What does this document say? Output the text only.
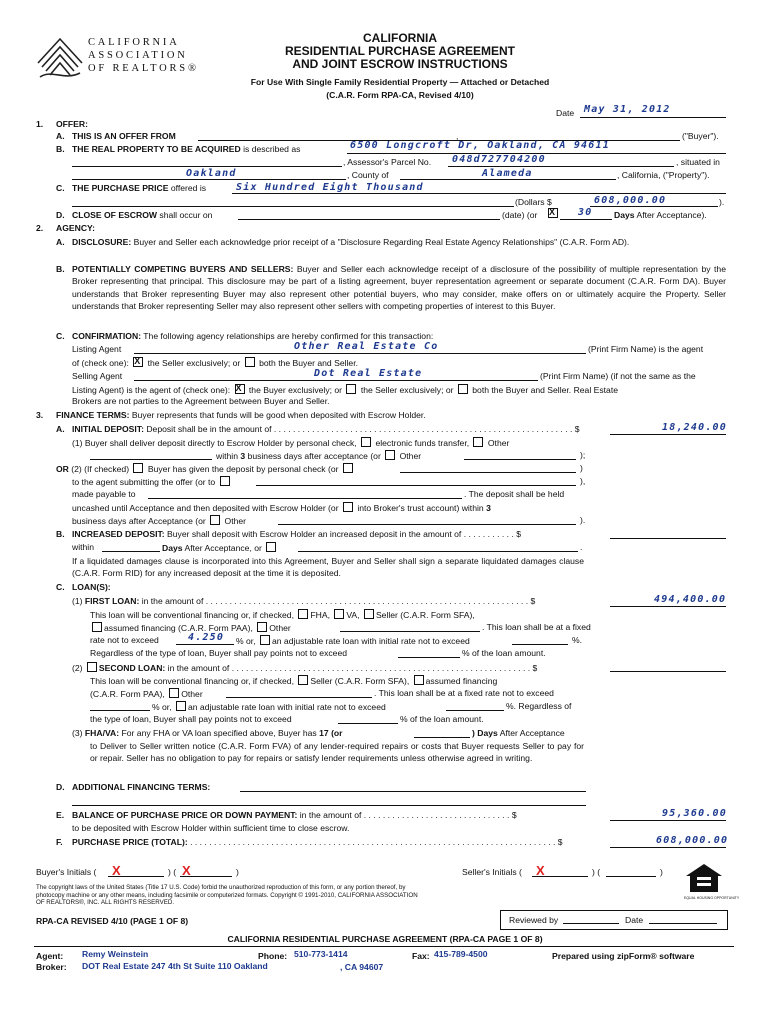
CALIFORNIA
ASSOCIATION
OF REALTORS®
CALIFORNIA
RESIDENTIAL PURCHASE AGREEMENT
AND JOINT ESCROW INSTRUCTIONS
For Use With Single Family Residential Property — Attached or Detached
(C.A.R. Form RPA-CA, Revised 4/10)
Date May 31, 2012
1. OFFER:
A. THIS IS AN OFFER FROM	,	("Buyer").
B. THE REAL PROPERTY TO BE ACQUIRED is described as	6500 Longcroft Dr, Oakland, CA 94611
, Assessor's Parcel No. 048d727704200	, situated in
Oakland	, County of	Alameda	, California, ("Property").
C. THE PURCHASE PRICE offered is	Six Hundred Eight Thousand
(Dollars $	608,000.00	).
D. CLOSE OF ESCROW shall occur on	(date) (or X	30	Days After Acceptance).
2. AGENCY:
A. DISCLOSURE: Buyer and Seller each acknowledge prior receipt of a "Disclosure Regarding Real Estate Agency Relationships" (C.A.R. Form AD).
B. POTENTIALLY COMPETING BUYERS AND SELLERS: Buyer and Seller each acknowledge receipt of a disclosure of the possibility of multiple representation by the Broker representing that principal. This disclosure may be part of a listing agreement, buyer representation agreement or separate document (C.A.R. Form DA). Buyer understands that Broker representing Buyer may also represent other potential buyers, who may consider, make offers on or ultimately acquire the Property. Seller understands that Broker representing Seller may also represent other sellers with competing properties of interest to this Buyer.
C. CONFIRMATION: The following agency relationships are hereby confirmed for this transaction:
Listing Agent	Other Real Estate Co	(Print Firm Name) is the agent
of (check one): X the Seller exclusively; or both the Buyer and Seller.
Selling Agent	Dot Real Estate	(Print Firm Name) (if not the same as the
Listing Agent) is the agent of (check one): X the Buyer exclusively; or the Seller exclusively; or both the Buyer and Seller. Real Estate
Brokers are not parties to the Agreement between Buyer and Seller.
3. FINANCE TERMS: Buyer represents that funds will be good when deposited with Escrow Holder.
A. INITIAL DEPOSIT: Deposit shall be in the amount of . . . . . . . . . . . . . . . . . . . . . . . . . . . . . . . . . . . . . . . . . . . . . . . . . . . . . . . . . . . . . . . $	18,240.00
(1) Buyer shall deliver deposit directly to Escrow Holder by personal check, electronic funds transfer, Other
within 3 business days after acceptance (or Other	);
OR (2) (If checked) Buyer has given the deposit by personal check (or	)
to the agent submitting the offer (or to	),
made payable to	. The deposit shall be held
uncashed until Acceptance and then deposited with Escrow Holder (or into Broker's trust account) within 3
business days after Acceptance (or Other	).
B. INCREASED DEPOSIT: Buyer shall deposit with Escrow Holder an increased deposit in the amount of . . . . . . . . . . . $
within	Days After Acceptance, or	.
If a liquidated damages clause is incorporated into this Agreement, Buyer and Seller shall sign a separate liquidated damages clause (C.A.R. Form RID) for any increased deposit at the time it is deposited.
C. LOAN(S):
(1) FIRST LOAN: in the amount of . . . . . . . . . . . . . . . . . . . . . . . . . . . . . . . . . . . . . . . . . . . . . . . . . . . . . . . . . . . . . . . . . . . . $	494,400.00
This loan will be conventional financing or, if checked, FHA, VA, Seller (C.A.R. Form SFA),
assumed financing (C.A.R. Form PAA), Other	. This loan shall be at a fixed
rate not to exceed	4.250 % or, an adjustable rate loan with initial rate not to exceed	%.
Regardless of the type of loan, Buyer shall pay points not to exceed	% of the loan amount.
(2) SECOND LOAN: in the amount of . . . . . . . . . . . . . . . . . . . . . . . . . . . . . . . . . . . . . . . . . . . . . . . . . . . . . . . . . . . . . . . $
This loan will be conventional financing or, if checked, Seller (C.A.R. Form SFA), assumed financing
(C.A.R. Form PAA), Other	. This loan shall be at a fixed rate not to exceed
% or, an adjustable rate loan with initial rate not to exceed	%. Regardless of
the type of loan, Buyer shall pay points not to exceed	% of the loan amount.
(3) FHA/VA: For any FHA or VA loan specified above, Buyer has 17 (or	) Days After Acceptance
to Deliver to Seller written notice (C.A.R. Form FVA) of any lender-required repairs or costs that Buyer requests Seller to pay for or repair. Seller has no obligation to pay for repairs or satisfy lender requirements unless otherwise agreed in writing.
D. ADDITIONAL FINANCING TERMS:
E. BALANCE OF PURCHASE PRICE OR DOWN PAYMENT: in the amount of . . . . . . . . . . . . . . . . . . . . . . . . . . . . . . . $	95,360.00
to be deposited with Escrow Holder within sufficient time to close escrow.
F. PURCHASE PRICE (TOTAL): . . . . . . . . . . . . . . . . . . . . . . . . . . . . . . . . . . . . . . . . . . . . . . . . . . . . . . . . . . . . . . . . . . . . . . . . . . . . . $	608,000.00
Buyer's Initials ( X	) ( X	)	Seller's Initials ( X	) (	)
EQUAL HOUSING OPPORTUNITY
The copyright laws of the United States (Title 17 U.S. Code) forbid the unauthorized reproduction of this form, or any portion thereof, by photocopy machine or any other means, including facsimile or computerized formats. Copyright © 1991-2010, CALIFORNIA ASSOCIATION OF REALTORS®, INC. ALL RIGHTS RESERVED.
RPA-CA REVISED 4/10 (PAGE 1 OF 8)	Reviewed by	Date
CALIFORNIA RESIDENTIAL PURCHASE AGREEMENT (RPA-CA PAGE 1 OF 8)
Agent: Remy Weinstein	Phone: 510-773-1414	Fax: 415-789-4500	Prepared using zipForm® software
Broker: DOT Real Estate 247 4th St Suite 110 Oakland	, CA 94607
